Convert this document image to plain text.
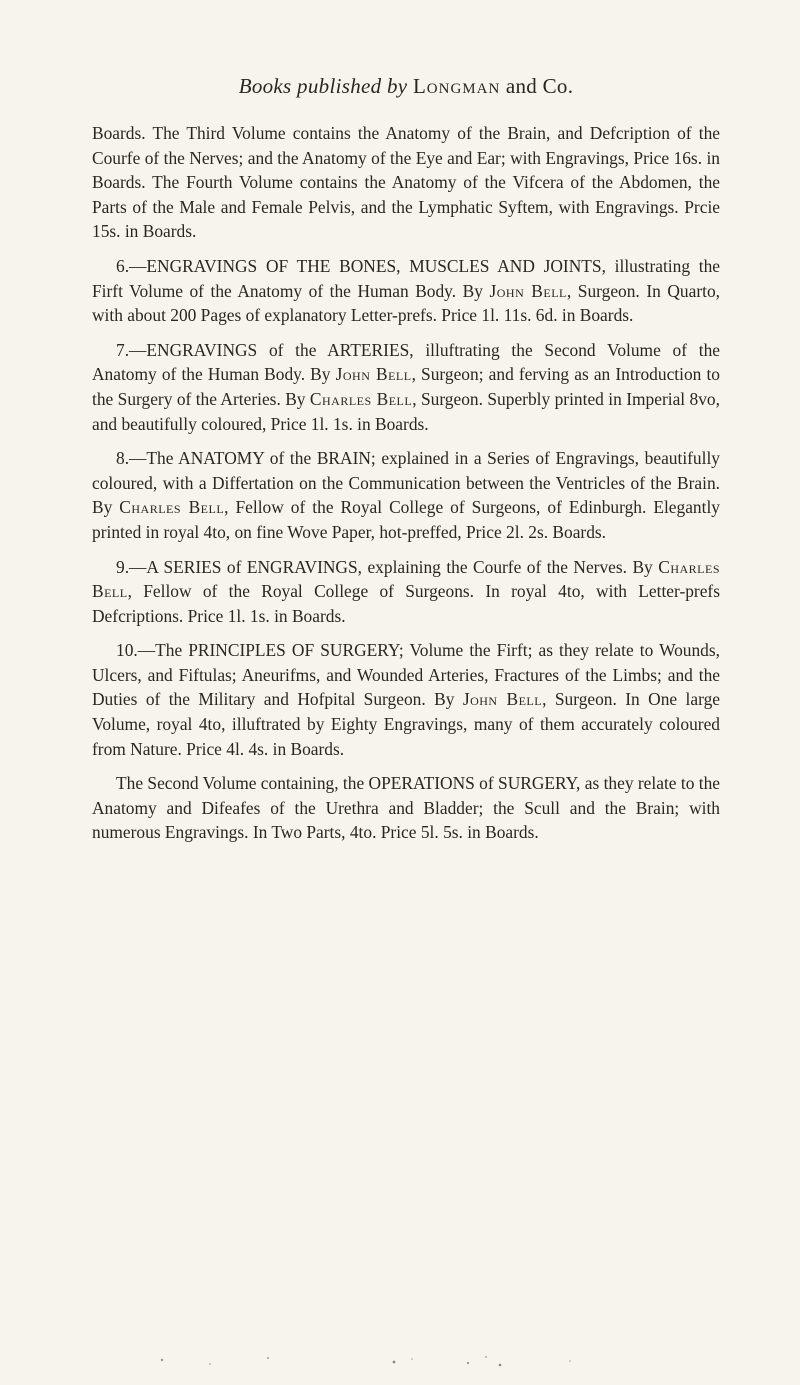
Books published by Longman and Co.

Boards. The Third Volume contains the Anatomy of the Brain, and Defcription of the Courfe of the Nerves; and the Anatomy of the Eye and Ear; with Engravings, Price 16s. in Boards. The Fourth Volume contains the Anatomy of the Vifcera of the Abdomen, the Parts of the Male and Female Pelvis, and the Lymphatic Syftem, with Engravings. Prcie 15s. in Boards.

6.—ENGRAVINGS OF THE BONES, MUSCLES AND JOINTS, illustrating the Firft Volume of the Anatomy of the Human Body. By John Bell, Surgeon. In Quarto, with about 200 Pages of explanatory Letter-prefs. Price 1l. 11s. 6d. in Boards.

7.—ENGRAVINGS of the ARTERIES, illuftrating the Second Volume of the Anatomy of the Human Body. By John Bell, Surgeon; and ferving as an Introduction to the Surgery of the Arteries. By Charles Bell, Surgeon. Superbly printed in Imperial 8vo, and beautifully coloured, Price 1l. 1s. in Boards.

8.—The ANATOMY of the BRAIN; explained in a Series of Engravings, beautifully coloured, with a Differtation on the Communication between the Ventricles of the Brain. By Charles Bell, Fellow of the Royal College of Surgeons, of Edinburgh. Elegantly printed in royal 4to, on fine Wove Paper, hot-preffed, Price 2l. 2s. Boards.

9.—A SERIES of ENGRAVINGS, explaining the Courfe of the Nerves. By Charles Bell, Fellow of the Royal College of Surgeons. In royal 4to, with Letter-prefs Defcriptions. Price 1l. 1s. in Boards.

10.—The PRINCIPLES OF SURGERY; Volume the Firft; as they relate to Wounds, Ulcers, and Fiftulas; Aneurifms, and Wounded Arteries, Fractures of the Limbs; and the Duties of the Military and Hofpital Surgeon. By John Bell, Surgeon. In One large Volume, royal 4to, illuftrated by Eighty Engravings, many of them accurately coloured from Nature. Price 4l. 4s. in Boards.

The Second Volume containing, the OPERATIONS of SURGERY, as they relate to the Anatomy and Difeafes of the Urethra and Bladder; the Scull and the Brain; with numerous Engravings. In Two Parts, 4to. Price 5l. 5s. in Boards.
